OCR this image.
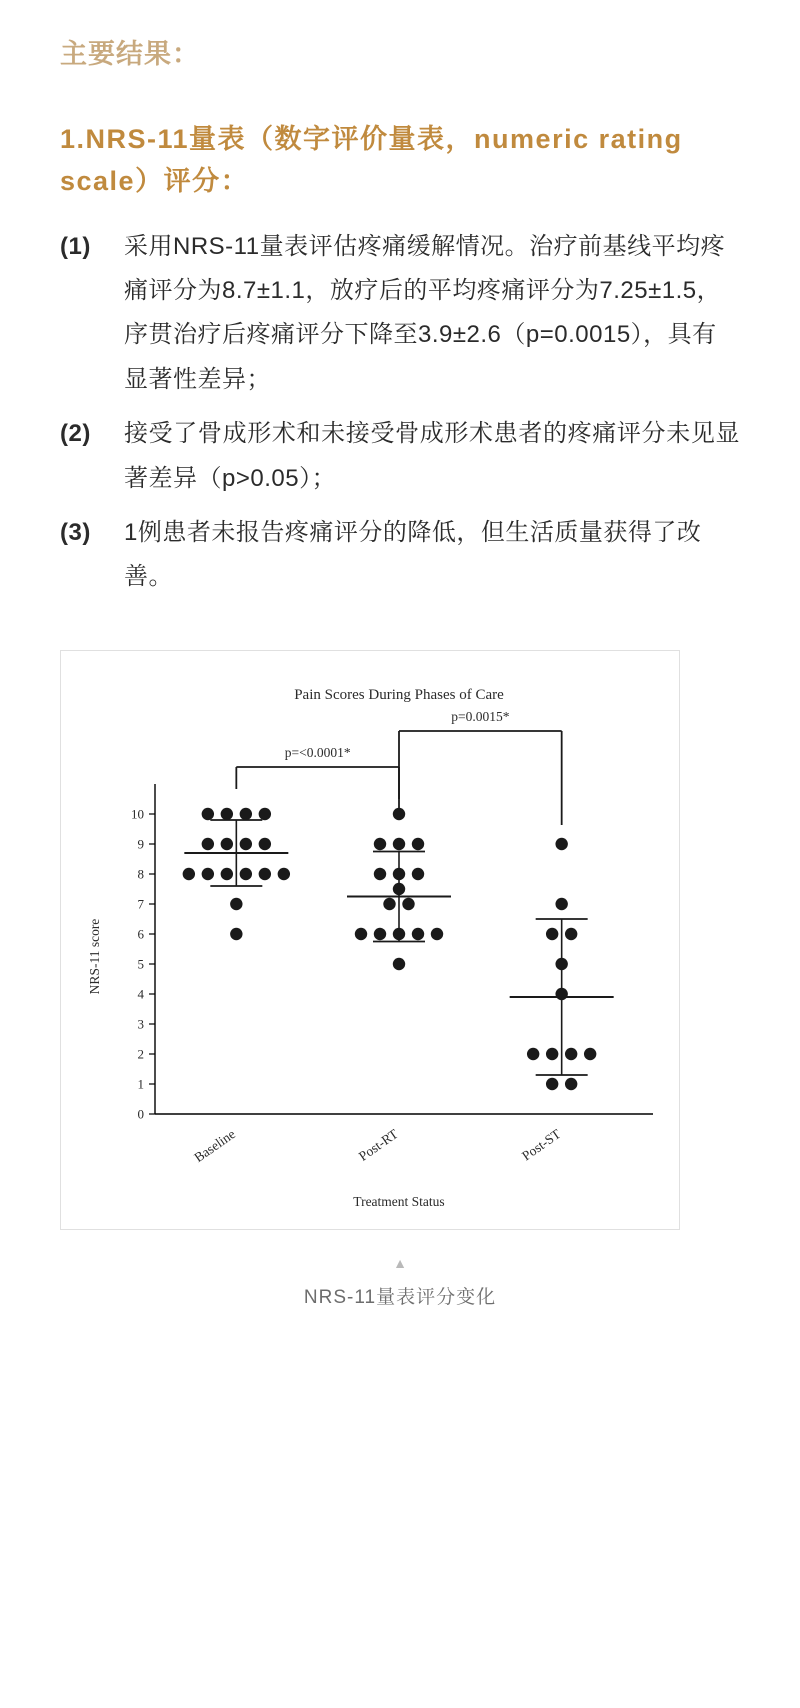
主要结果：
1.NRS-11量表（数字评价量表，numeric rating scale）评分：
(1)	采用NRS-11量表评估疼痛缓解情况。治疗前基线平均疼痛评分为8.7±1.1，放疗后的平均疼痛评分为7.25±1.5，序贯治疗后疼痛评分下降至3.9±2.6（p=0.0015），具有显著性差异；
(2)	接受了骨成形术和未接受骨成形术患者的疼痛评分未见显著差异（p>0.05）；
(3)	1例患者未报告疼痛评分的降低，但生活质量获得了改善。
Pain Scores During Phases of Care
0
1
2
3
4
5
6
7
8
9
10
NRS-11 score
Baseline	Post-RT	Post-ST
Treatment Status
p=<0.0001*
p=0.0015*
▲
NRS-11量表评分变化
